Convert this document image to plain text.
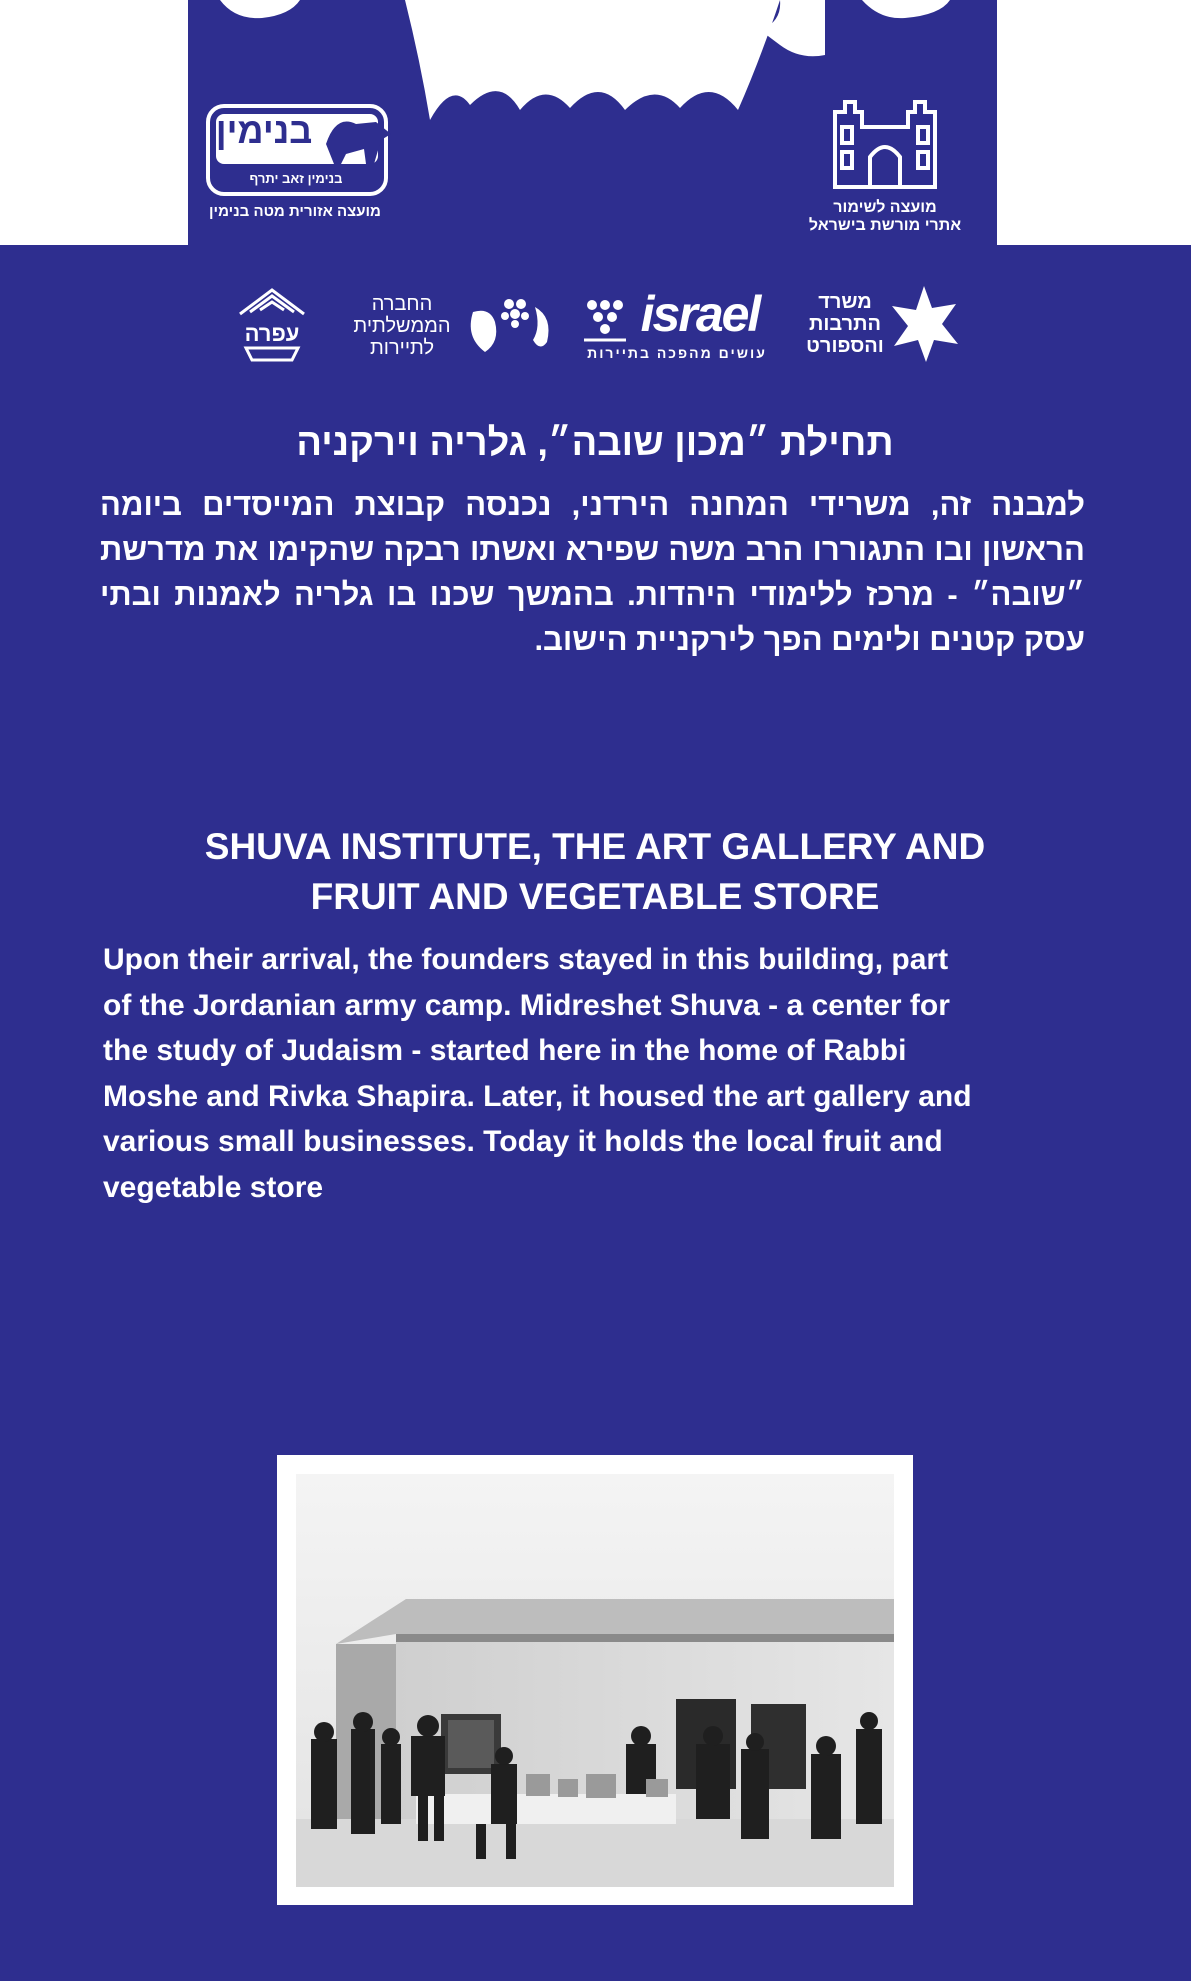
בנימין
בנימין זאב יתרף
מועצה אזורית מטה בנימין	מועצה לשימור
אתרי מורשת בישראל
משרד
התרבות
והספורט
israel
עושים מהפכה בתיירות
החברה
הממשלתית
לתיירות
עפרה
תחילת ״מכון שובה״, גלריה וירקניה

למבנה זה, משרידי המחנה הירדני, נכנסה קבוצת המייסדים ביומה הראשון ובו התגוררו הרב משה שפירא ואשתו רבקה שהקימו את מדרשת ״שובה״ - מרכז ללימודי היהדות. בהמשך שכנו בו גלריה לאמנות ובתי עסק קטנים ולימים הפך לירקניית הישוב.

SHUVA INSTITUTE, THE ART GALLERY AND
FRUIT AND VEGETABLE STORE
Upon their arrival, the founders stayed in this building, part
of the Jordanian army camp. Midreshet Shuva - a center for
the study of Judaism - started here in the home of Rabbi
Moshe and Rivka Shapira. Later, it housed the art gallery and
various small businesses. Today it holds the local fruit and
vegetable store
